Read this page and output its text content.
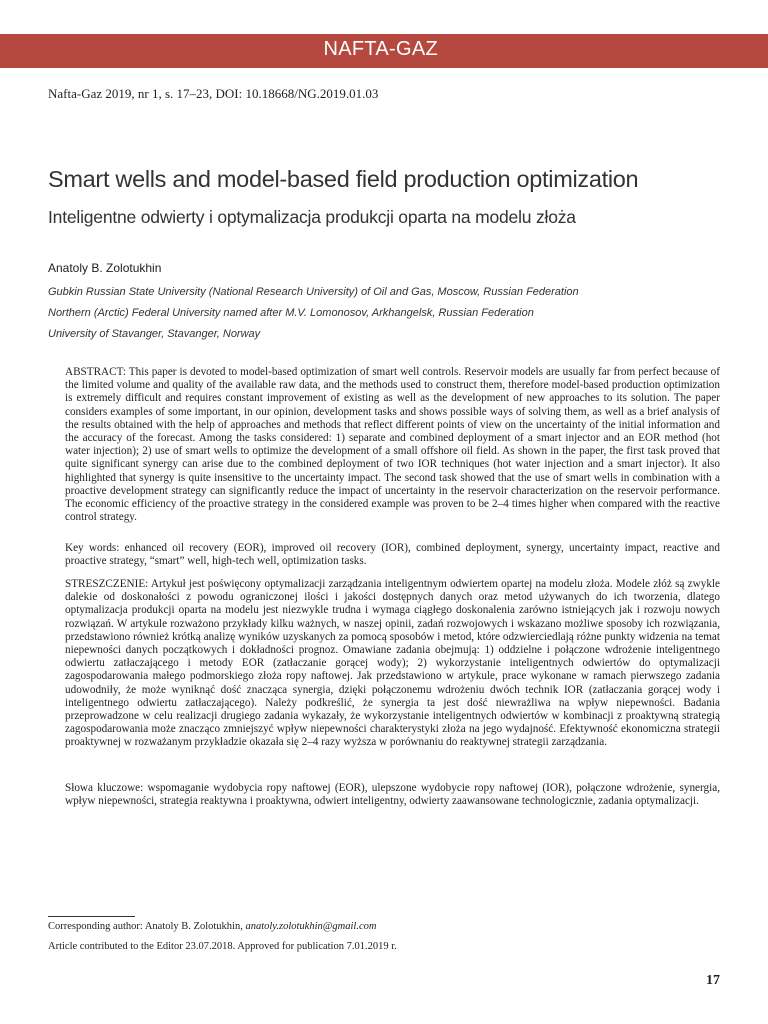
NAFTA-GAZ
Nafta-Gaz 2019, nr 1, s. 17–23, DOI: 10.18668/NG.2019.01.03
Smart wells and model-based field production optimization
Inteligentne odwierty i optymalizacja produkcji oparta na modelu złoża
Anatoly B. Zolotukhin
Gubkin Russian State University (National Research University) of Oil and Gas, Moscow, Russian Federation
Northern (Arctic) Federal University named after M.V. Lomonosov, Arkhangelsk, Russian Federation
University of Stavanger, Stavanger, Norway

ABSTRACT: This paper is devoted to model-based optimization of smart well controls. Reservoir models are usually far from perfect because of the limited volume and quality of the available raw data, and the methods used to construct them, therefore model-based production optimization is extremely difficult and requires constant improvement of existing as well as the development of new approaches to its solution. The paper considers examples of some important, in our opinion, development tasks and shows possible ways of solving them, as well as a brief analysis of the results obtained with the help of approaches and methods that reflect different points of view on the uncertainty of the initial information and the accuracy of the forecast. Among the tasks considered: 1) separate and combined deployment of a smart injector and an EOR method (hot water injection); 2) use of smart wells to optimize the development of a small offshore oil field. As shown in the paper, the first task proved that quite significant synergy can arise due to the combined deployment of two IOR techniques (hot water injection and a smart injector). It also highlighted that synergy is quite insensitive to the uncertainty impact. The second task showed that the use of smart wells in combination with a proactive development strategy can significantly reduce the impact of uncertainty in the reservoir characterization on the reservoir performance. The economic efficiency of the proactive strategy in the considered example was proven to be 2–4 times higher when compared with the reactive control strategy.

Key words: enhanced oil recovery (EOR), improved oil recovery (IOR), combined deployment, synergy, uncertainty impact, reactive and proactive strategy, “smart” well, high-tech well, optimization tasks.

STRESZCZENIE: Artykuł jest poświęcony optymalizacji zarządzania inteligentnym odwiertem opartej na modelu złoża. Modele złóż są zwykle dalekie od doskonałości z powodu ograniczonej ilości i jakości dostępnych danych oraz metod używanych do ich tworzenia, dlatego optymalizacja produkcji oparta na modelu jest niezwykle trudna i wymaga ciągłego doskonalenia zarówno istniejących jak i rozwoju nowych rozwiązań. W artykule rozważono przykłady kilku ważnych, w naszej opinii, zadań rozwojowych i wskazano możliwe sposoby ich rozwiązania, przedstawiono również krótką analizę wyników uzyskanych za pomocą sposobów i metod, które odzwierciedlają różne punkty widzenia na temat niepewności danych początkowych i dokładności prognoz. Omawiane zadania obejmują: 1) oddzielne i połączone wdrożenie inteligentnego odwiertu zatłaczającego i metody EOR (zatłaczanie gorącej wody); 2) wykorzystanie inteligentnych odwiertów do optymalizacji zagospodarowania małego podmorskiego złoża ropy naftowej. Jak przedstawiono w artykule, prace wykonane w ramach pierwszego zadania udowodniły, że może wyniknąć dość znacząca synergia, dzięki połączonemu wdrożeniu dwóch technik IOR (zatłaczania gorącej wody i inteligentnego odwiertu zatłaczającego). Należy podkreślić, że synergia ta jest dość niewrażliwa na wpływ niepewności. Badania przeprowadzone w celu realizacji drugiego zadania wykazały, że wykorzystanie inteligentnych odwiertów w kombinacji z proaktywną strategią zagospodarowania może znacząco zmniejszyć wpływ niepewności charakterystyki złoża na jego wydajność. Efektywność ekonomiczna strategii proaktywnej w rozważanym przykładzie okazała się 2–4 razy wyższa w porównaniu do reaktywnej strategii zarządzania.

Słowa kluczowe: wspomaganie wydobycia ropy naftowej (EOR), ulepszone wydobycie ropy naftowej (IOR), połączone wdrożenie, synergia, wpływ niepewności, strategia reaktywna i proaktywna, odwiert inteligentny, odwierty zaawansowane technologicznie, zadania optymalizacji.

Corresponding author: Anatoly B. Zolotukhin, anatoly.zolotukhin@gmail.com
Article contributed to the Editor 23.07.2018. Approved for publication 7.01.2019 r.
17
